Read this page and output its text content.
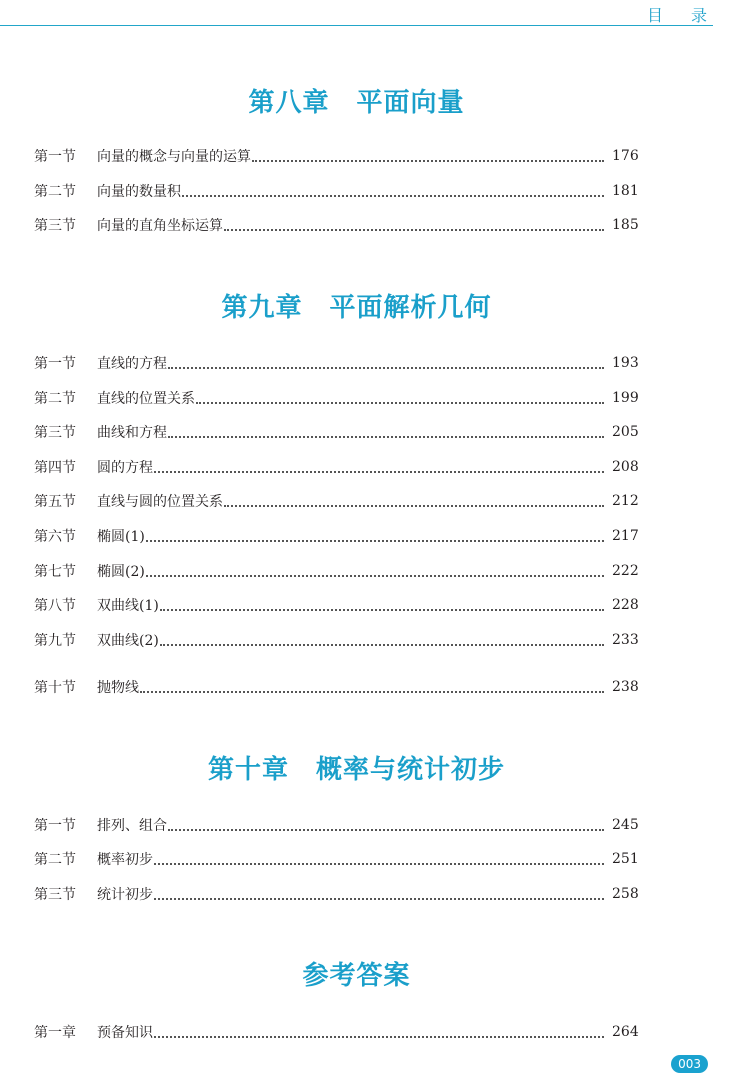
目录
第八章　平面向量
第一节	向量的概念与向量的运算	176
第二节	向量的数量积	181
第三节	向量的直角坐标运算	185
第九章　平面解析几何
第一节	直线的方程	193
第二节	直线的位置关系	199
第三节	曲线和方程	205
第四节	圆的方程	208
第五节	直线与圆的位置关系	212
第六节	椭圆(1)	217
第七节	椭圆(2)	222
第八节	双曲线(1)	228
第九节	双曲线(2)	233
第十节	抛物线	238
第十章　概率与统计初步
第一节	排列、组合	245
第二节	概率初步	251
第三节	统计初步	258
参考答案
第一章	预备知识	264
003
